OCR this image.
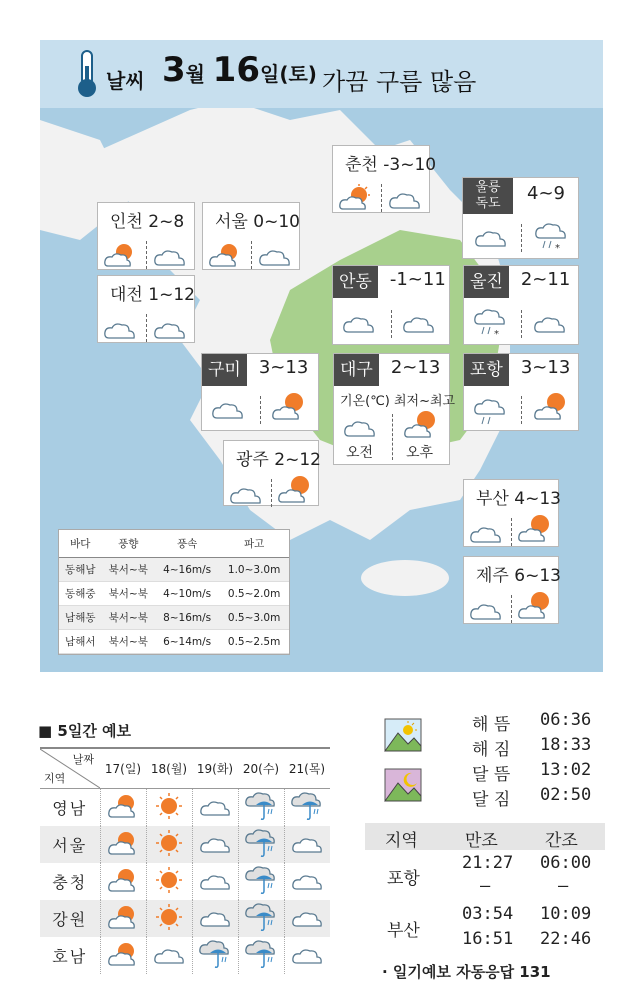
날씨 3월 16일(토) 가끔 구름 많음
춘천 -3~10
인천 2~8	서울 0~10
울릉
독도	4~9
*
대전 1~12
안동 -1~11	울진 2~11
*
구미 3~13	대구 2~13
기온(℃) 최저~최고
오전 오후
포항 3~13
광주 2~12
부산 4~13
제주 6~13
바다	풍향	풍속	파고
동해남	북서~북	4~16m/s	1.0~3.0m
동해중	북서~북	4~10m/s	0.5~2.0m
남해동	북서~북	8~16m/s	0.5~3.0m
남해서	북서~북	6~14m/s	0.5~2.5m
■ 5일간 예보
날짜
지역	17(일)	18(월)	19(화)	20(수)	21(목)
영남					
서울					
충청					
강원					
호남					
해 뜸 06:36
해 짐 18:33
달 뜸 13:02
달 짐 02:50
지역	만조	간조
포항
21:27 06:00
–	–
부산
03:54 10:09
16:51 22:46
· 일기예보 자동응답 131
